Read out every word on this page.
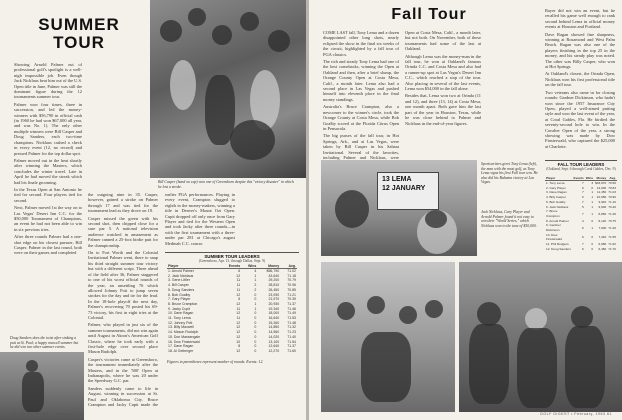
SUMMER
TOUR
Bill Casper (hand on cap) won one of Greensboro despite this "victory disaster" in which he lost a stroke.

Showing Arnold Palmer out of professional golf's spotlight is a well-nigh impossible job. Even though Jack Nicklaus beat him out of the U.S. Open title in June, Palmer was still the dominant figure during the 12 tournaments summer tour.

Palmer won four times, three in succession, and led the money-winners with $56,790 in official cash (in 1960 he had won $67,000 all year, and was No. 1). The only other multiple winners were Bill Casper and Doug Sanders, each two-time champions. Nicklaus cashed a check in every event (12, no record) and pressed Palmer for the top dollar spot.

Palmer moved out in the heat shortly after winning the Masters, which concludes the winter travel. Late in April he had moved the streak which had his finale grooming.

In the Texas Open at San Antonio he tied for second. Four players tied for second.

Next, Palmer moved 1st the way on to Las Vegas' Desert Inn C.C. for the $50,000 Tournament of Champions, an event he had not been able to win in six previous tries.

After three rounds Palmer had a one-shot edge on his closest pursuer, Bill Casper. Palmer in the last round, both were on their games and completed

the outgoing nine in 35. Casper, however, gained a stroke on Palmer through 17 and was tied for the tournament lead as they drove on 18.

Casper missed the green with his second shot, then chipped close for a sure par 5. A national television audience watched in amazement as Palmer canned a 25-foot birdie putt for the championship.

On to Fort Worth and the Colonial Invitational Palmer went, there to snap his third straight summer tour victory but with a different script. Three ahead of the field after 36, Palmer staggered to one of his worst official rounds of the year, an unsettling 76 which allowed Johnny Pott to jump seven strokes for the day and tie for the lead. In the 18-hole playoff the next day, Palmer's recovering 70 posted his 69-73 victory, his first in eight tries at the Colonial.

Palmer, who played in just six of the summer tournaments, did not win again until August in Akron's American Golf Classic, where he took early with a first-hole edge over second place Mason Rudolph.

Casper's victories came at Greensboro, the tournament immediately after the Masters, and in the '500' Open at Indianapolis, where he was 20 under the Speedway G.C. par.

Sanders suddenly came to life in August, winning in succession at St. Paul and Oklahoma City. Bruce Crampton and Jacky Cupit made the

earlier PGA performances. Playing in every event, Crampton slugged to eighth in the money-makers, winning a title in Denver's Mount Ozi Open. Cupit dropped off only once from Gary Player and tied for the Western Open and took Jacky after three rounds—in with the first tournament with a three-under par 281 at Chicago's august Medinah C.C. course.

SUMMER TOUR LEADERS
(Greensboro, Apr. 13, through Dallas, Sept. 9)
Player	Events	Wins	Money	Avg.
1. Arnold Palmer	6	4	$56,790	71.02
2. Jack Nicklaus	12	1	43,640	71.18
3. Gene Littler	11	1	29,200	70.79
4. Bill Casper	11	2	28,810	70.96
5. Doug Sanders	11	2	26,450	70.85
6. Bob Goalby	12	0	23,930	71.21
7. Gary Player	5	0	21,970	70.39
8. Bruce Crampton	12	1	20,930	71.37
9. Jacky Cupit	11	1	19,340	71.46
10. Dave Ragan	12	0	18,000	71.49
11. Tony Lema	11	0	16,640	71.53
12. Johnny Pott	12	0	15,260	71.48
13. Billy Maxwell	12	0	14,850	71.32
14. Mason Rudolph	12	0	14,560	71.23
15. Don Massengale	12	0	14,020	71.40
16. Dow Finsterwald	10	0	13,100	71.54
17. Dave Ragan	8	0	12,640	71.37
18. Al Geiberger	12	0	12,270	71.60
Figures in parentheses represent number of rounds. Events: 12.
Doug Sanders does the twist after sinking a putt at St. Paul; a happy man all summer but he did win two other summer events.
60 GOLF DIGEST • February, 1963
Fall Tour

COME LAST fall, Tony Lema and a dozen disappointed other long shots, nearly eclipsed the show in the final six weeks of the circuit, highlighted by a fall tour of PGA classics.

The rich and steady Tony Lema had one of the best comebacks, winning the Open at Oakland and then, after a brief slump, the Orange County Open at Costa Mesa, Calif., a month later. Lema also had a second place in Las Vegas and pushed himself into eleventh place in the final money standings.

Australia's Bruce Crampton, also a newcomer to the winner's circle, took the Orange County at Costa Mesa, while Bob Goalby scored at the Florida Citrus Open in Pensacola.

The big purses of the fall tour, in Hot Springs, Ark., and at Las Vegas, were taken by Bill Casper in his Sahara Invitational. Several of the favorites, including Palmer and Nicklaus, were

Open at Costa Mesa, Calif., a month later, but not both. On November, both of these tournaments had some of the last at Oakland.

Although Lema was the money-man in the fall tour, he won at Oakland's famous Orinda C.C. and Costa Mesa and also had a runner-up spot at Las Vegas's Desert Inn C.C., which reached a stop of the tour. Also placing in several of the last events, Lema won $54,000 in the fall alone.

Besides that, Lema won two at Orinda (11 and 12), and three (13, 14) at Costa Mesa, one month apart. Both gave him the last part of the year in Houston, Texas, while he was close behind to Palmer and Nicklaus in the end-of-year figures.

Rayer did not win an event, but he recalled his game well enough to rank second behind Lema in official money events at Houston and Portland.

Dave Ragan showed fine sharpness, winning at Rosamond and West Palm Beach. Ragan was also one of the players finishing in the top 25 in the money, and his steady play was noted. The other was Billy Casper, who won at Hot Springs.

At Oakland's closest, the Orinda Open, Nicklaus won his first professional title on the fall tour.

Two veterans also came in for closing rounds: Gardner Dickinson, who hadn't won since the 1957 Insurance City Open, played a well-aimed putting style and won the last event of the year, at Coral Gables, Fla. He birdied the seventy-second hole to win. In the Cavalier Open of the year, a strong showing was made by Dow Finsterwald, who captured the $25,000 at Charlotte.

13 LEMA
12 JANUARY
Sportswriters greet Tony Lema (left), the man with the most golf, as Tony Lema signs his first Fall tour win. He also did his Bahama victory at Las Vegas.
Jack Nicklaus, Gary Player and Arnold Palmer found it not easy to win their "World Series," which Nicklaus won to the tune of $50,000.
FALL TOUR LEADERS
(Oakland, Sept. 6 through Coral Gables, Dec. 9)
Player	Events	Wins	Money	Avg.
1. Tony Lema	7	3	$33,870	70.56
2. Gary Player	6	0	12,000	70.83
3. Dave Ragan	7	1	11,450	71.03
4. Billy Casper	6	1	10,680	70.90
5. Bob Goalby	7	1	9,940	71.10
6. Jack Nicklaus	5	1	9,600	70.40
7. Bruce Crampton	7	1	8,850	71.26
8. Arnold Palmer	4	0	8,120	70.75
9. Gardner Dickinson	6	1	7,900	71.40
10. Dow Finsterwald	6	0	7,340	71.55
11. Phil Rodgers	7	0	6,980	71.62
12. Doug Sanders	6	0	6,450	71.70
GOLF DIGEST • February, 1963 61
